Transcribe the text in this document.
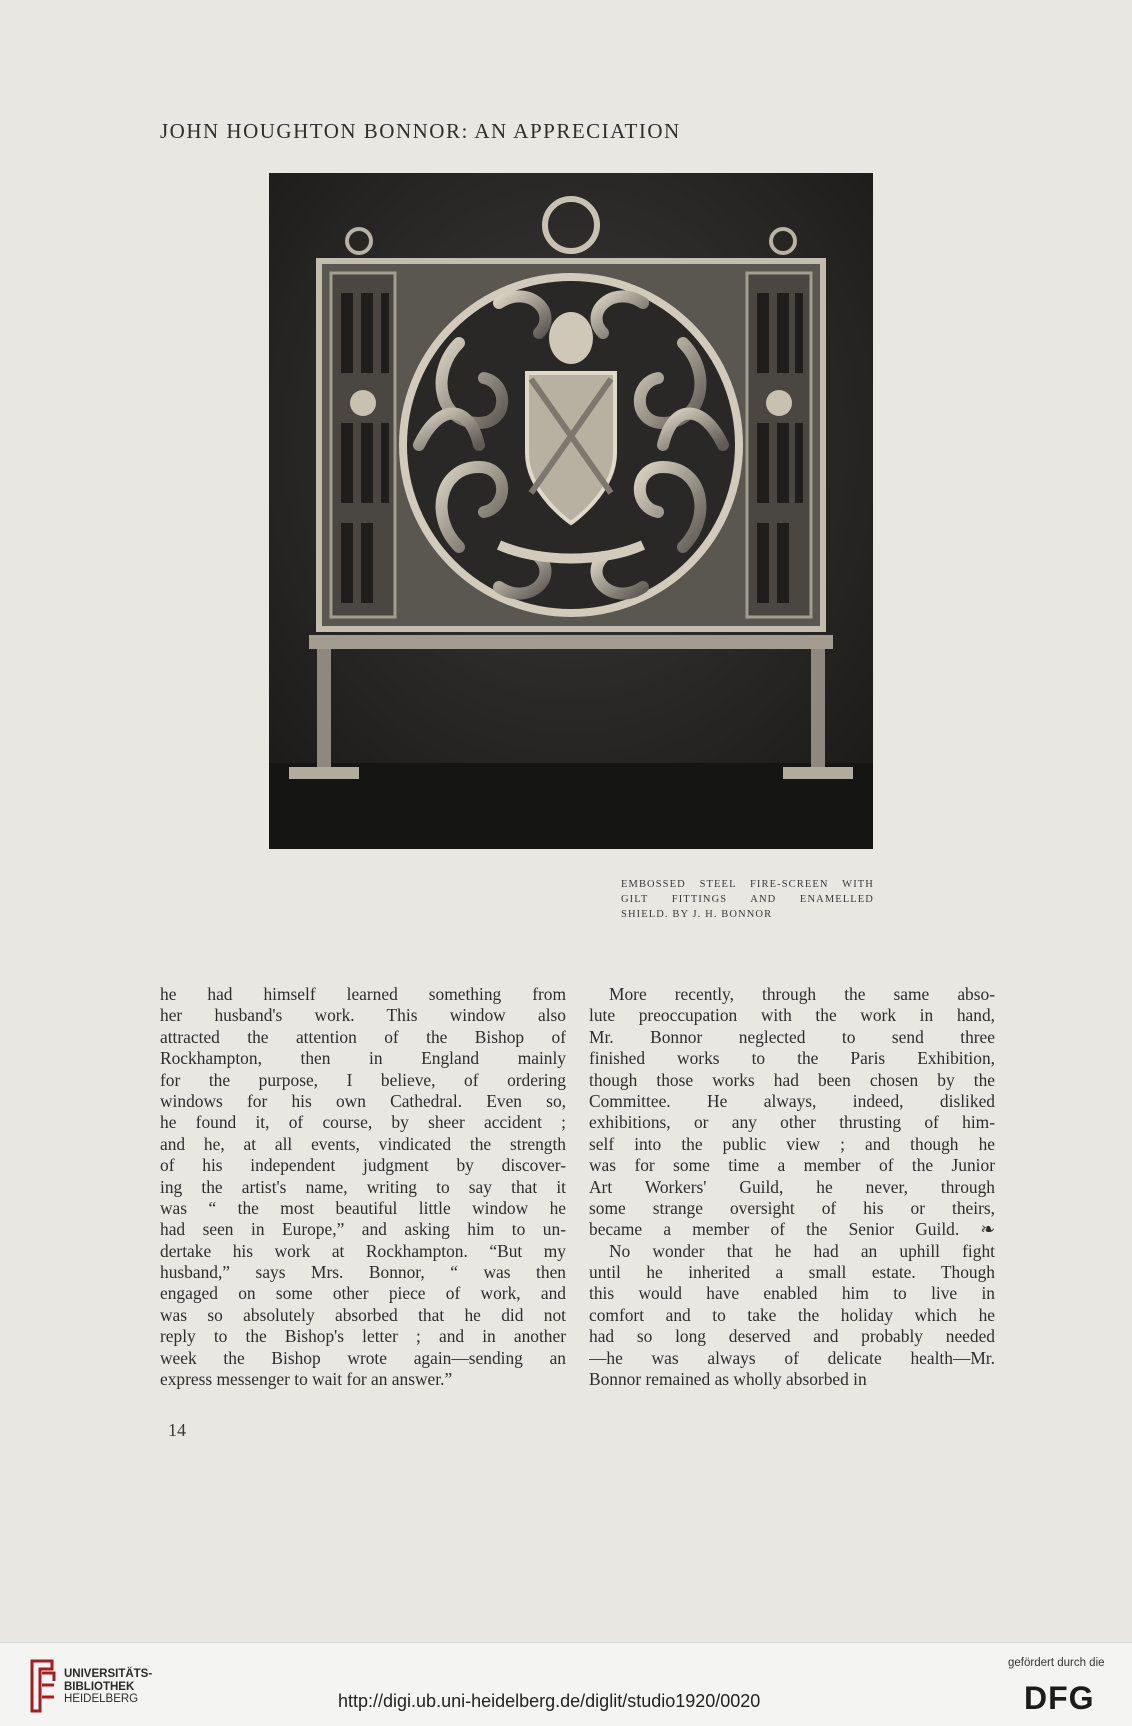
JOHN HOUGHTON BONNOR: AN APPRECIATION
EMBOSSED STEEL FIRE-SCREEN WITH
GILT FITTINGS AND ENAMELLED
SHIELD. BY J. H. BONNOR
he had himself learned something from
her husband's work. This window also
attracted the attention of the Bishop of
Rockhampton, then in England mainly
for the purpose, I believe, of ordering
windows for his own Cathedral. Even so,
he found it, of course, by sheer accident ;
and he, at all events, vindicated the strength
of his independent judgment by discover-
ing the artist's name, writing to say that it
was “ the most beautiful little window he
had seen in Europe,” and asking him to un-
dertake his work at Rockhampton. “But my
husband,” says Mrs. Bonnor, “ was then
engaged on some other piece of work, and
was so absolutely absorbed that he did not
reply to the Bishop's letter ; and in another
week the Bishop wrote again—sending an
express messenger to wait for an answer.”
More recently, through the same abso-
lute preoccupation with the work in hand,
Mr. Bonnor neglected to send three
finished works to the Paris Exhibition,
though those works had been chosen by the
Committee. He always, indeed, disliked
exhibitions, or any other thrusting of him-
self into the public view ; and though he
was for some time a member of the Junior
Art Workers' Guild, he never, through
some strange oversight of his or theirs,
became a member of the Senior Guild. ❧
No wonder that he had an uphill fight
until he inherited a small estate. Though
this would have enabled him to live in
comfort and to take the holiday which he
had so long deserved and probably needed
—he was always of delicate health—Mr.
Bonnor remained as wholly absorbed in
14
UNIVERSITÄTS-
BIBLIOTHEK
HEIDELBERG	http://digi.ub.uni-heidelberg.de/diglit/studio1920/0020
gefördert durch die
DFG
